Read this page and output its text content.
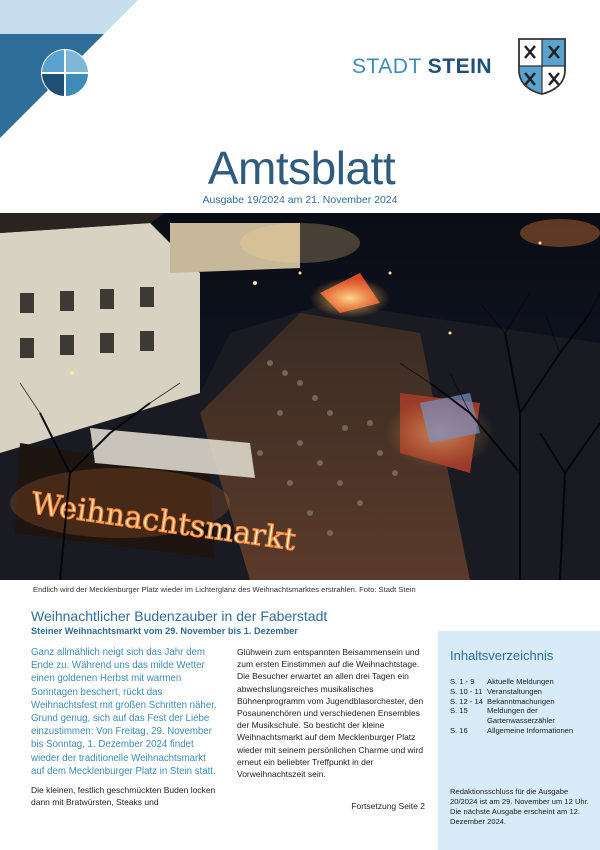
STADT STEIN
Amtsblatt
Ausgabe 19/2024 am 21. November 2024
Weihnachtsmarkt
Endlich wird der Mecklenburger Platz wieder im Lichterglanz des Weihnachtsmarktes erstrahlen. Foto: Stadt Stein
Weihnachtlicher Budenzauber in der Faberstadt
Steiner Weihnachtsmarkt vom 29. November bis 1. Dezember

Ganz allmählich neigt sich das Jahr dem Ende zu. Während uns das milde Wetter einen goldenen Herbst mit warmen Sonntagen beschert, rückt das Weihnachtsfest mit großen Schritten näher. Grund genug, sich auf das Fest der Liebe einzustimmen: Von Freitag, 29. November bis Sonntag, 1. Dezember 2024 findet wieder der traditionelle Weihnachtsmarkt auf dem Mecklenburger Platz in Stein statt.

Die kleinen, festlich geschmückten Buden locken dann mit Bratwürsten, Steaks und

Glühwein zum entspannten Beisammensein und zum ersten Einstimmen auf die Weihnachtstage.

Die Besucher erwartet an allen drei Tagen ein abwechslungsreiches musikalisches Bühnenprogramm vom Jugendblasorchester, den Posaunenchören und verschiedenen Ensembles der Musikschule. So besticht der kleine Weihnachtsmarkt auf dem Mecklenburger Platz wieder mit seinem persönlichen Charme und wird erneut ein beliebter Treffpunkt in der Vorweihnachtszeit sein.

Fortsetzung Seite 2
Inhaltsverzeichnis
S. 1 - 9	Aktuelle Meldungen
S. 10 - 11 Veranstaltungen
S. 12 - 14 Bekanntmachungen
S. 15	Meldungen der Gartenwasserzähler
S. 16	Allgemeine Informationen

Redaktionsschluss für die Ausgabe 20/2024 ist am 29. November um 12 Uhr. Die nächste Ausgabe erscheint am 12. Dezember 2024.
